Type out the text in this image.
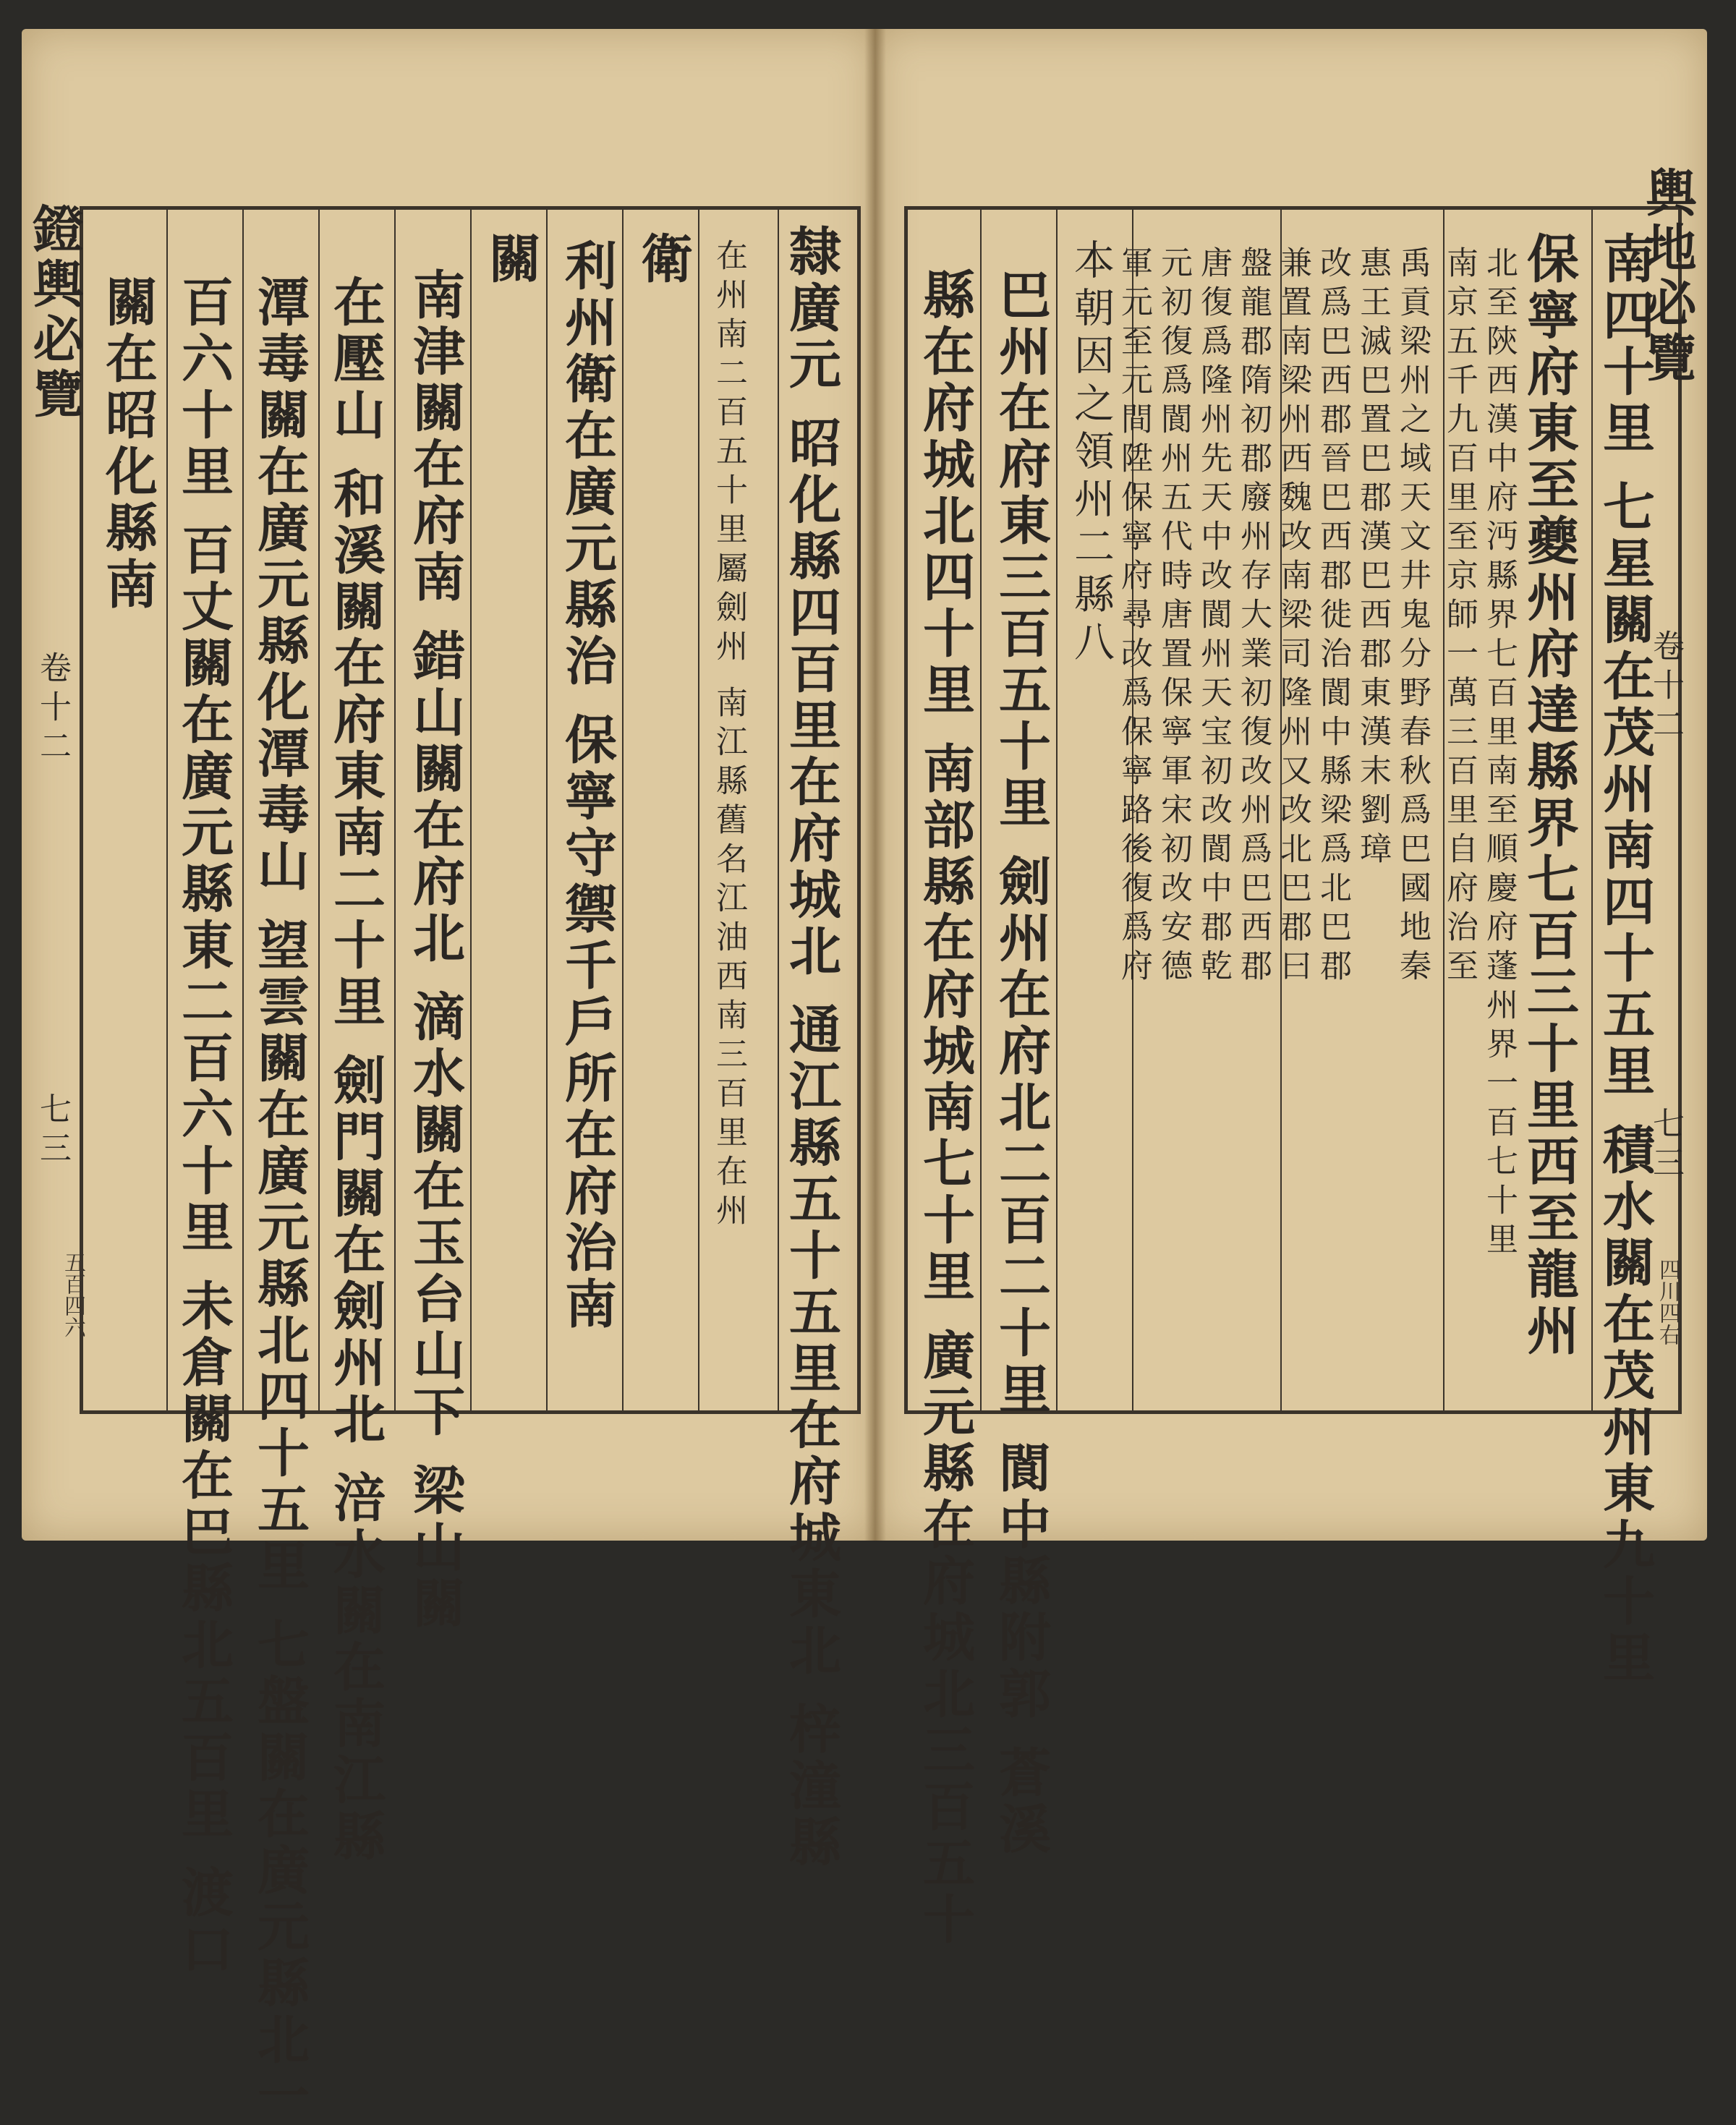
鐙輿必覽
卷十二
七三
五百四六	隸廣元 昭化縣四百里在府城北 通江縣五十五里在府城東北 梓潼縣
在州南二百五十里屬劍州 南江縣舊名江油西南三百里在州
衛
利州衛在廣元縣治 保寧守禦千戶所在府治南
關
南津關在府南 錯山關在府北 滴水關在玉台山下 梁山關
在壓山 和溪關在府東南二十里 劍門關在劍州北 涪水關在南江縣
潭毒關在廣元縣化潭毒山 望雲關在廣元縣北四十五里 七盤關在廣元縣北一
百六十里 百丈關在廣元縣東二百六十里 未倉關在巴縣北五百里 渡口
關在昭化縣南	輿地必覽
卷十二
七三
四川四右
南四十里 七星關在茂州南四十五里 積水關在茂州東九十里
保寧府東至夔州府達縣界七百三十里西至龍州
北至陝西漢中府沔縣界七百里南至順慶府蓬州界一百七十里
南京五千九百里至京師一萬三百里自府治至
禹貢梁州之域天文井鬼分野春秋爲巴國地秦
惠王滅巴置巴郡漢巴西郡東漢末劉璋
改爲巴西郡晉巴西郡徙治閬中縣梁爲北巴郡
兼置南梁州西魏改南梁司隆州又改北巴郡曰
盤龍郡隋初郡廢州存大業初復改州爲巴西郡
唐復爲隆州先天中改閬州天宝初改閬中郡乾
元初復爲閬州五代時唐置保寧軍宋初改安德
軍元至元間陞保寧府尋改爲保寧路後復爲府
本朝因之領州二縣八
巴州在府東三百五十里 劍州在府北二百二十里 閬中縣附郭 蒼溪
縣在府城北四十里 南部縣在府城南七十里 廣元縣在府城北三百五十
